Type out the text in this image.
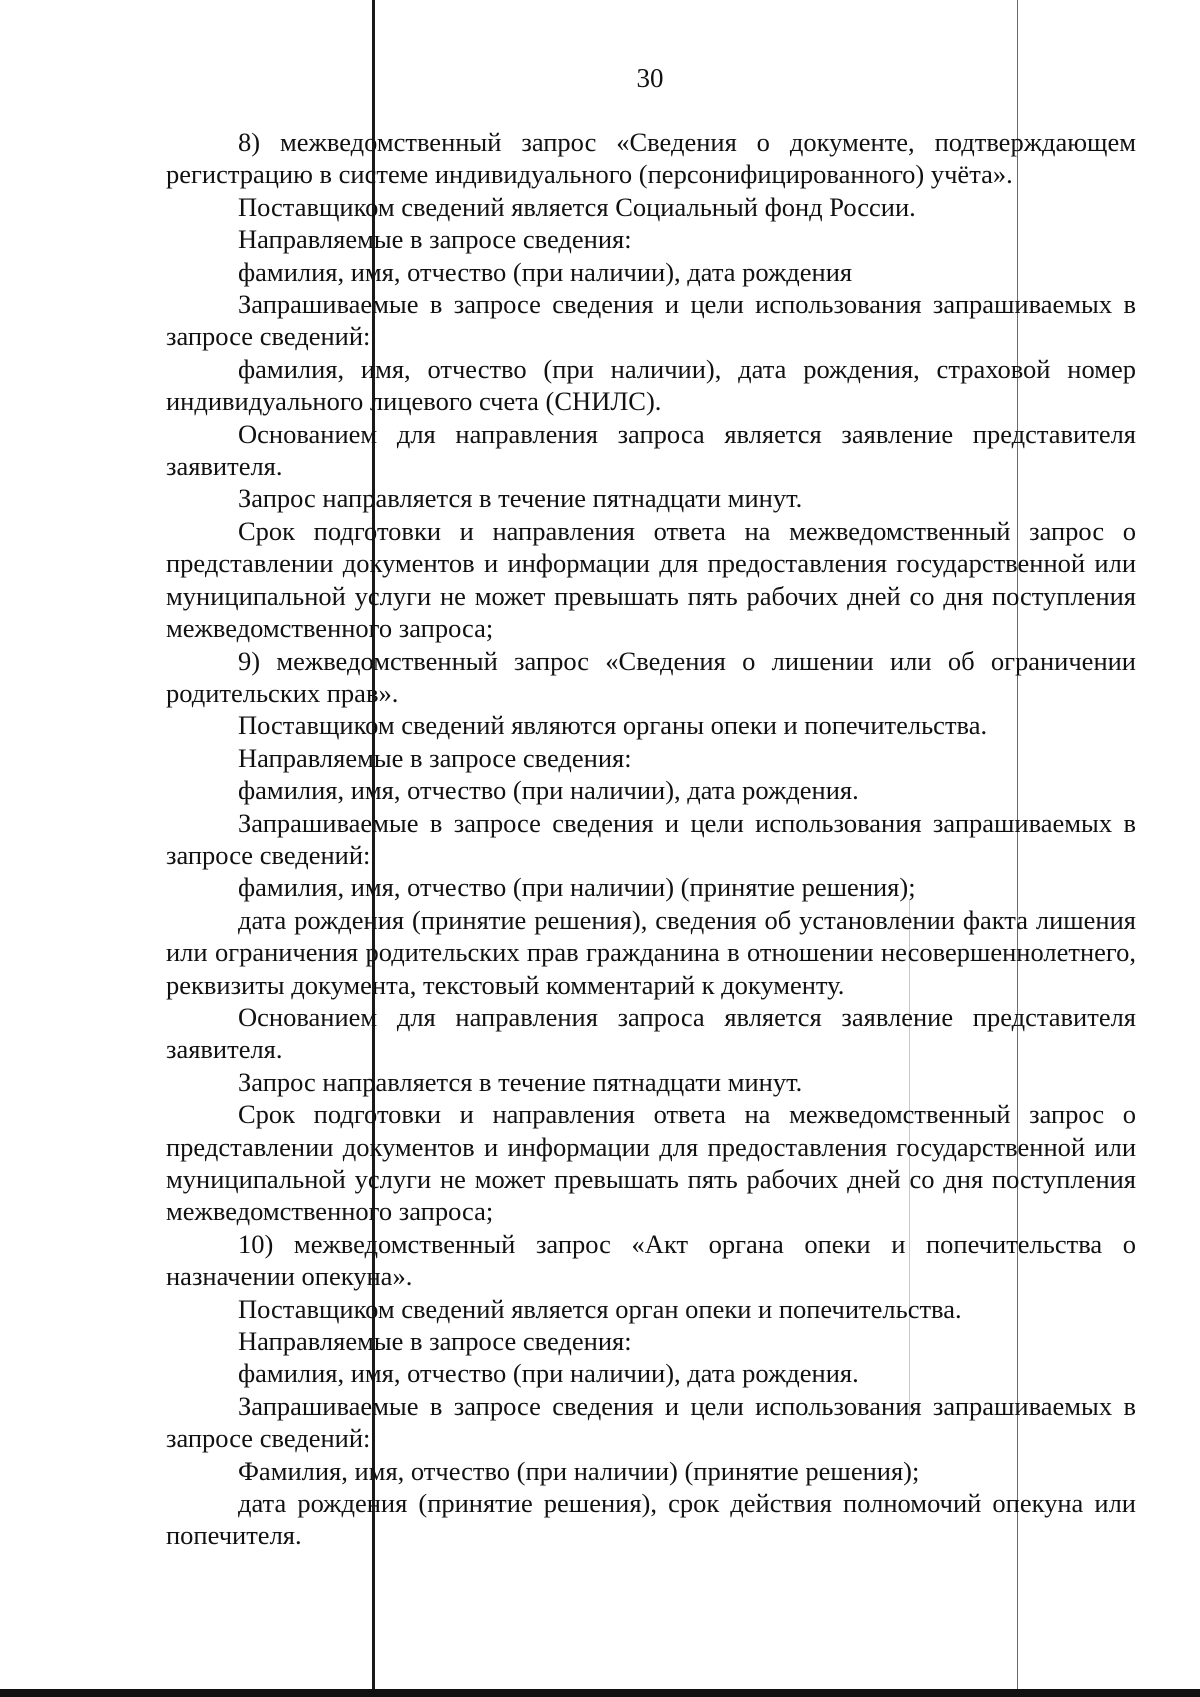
30

8) межведомственный запрос «Сведения о документе, подтверждающем регистрацию в системе индивидуального (персонифицированного) учёта».

Поставщиком сведений является Социальный фонд России.

Направляемые в запросе сведения:

фамилия, имя, отчество (при наличии), дата рождения

Запрашиваемые в запросе сведения и цели использования запрашиваемых в запросе сведений:

фамилия, имя, отчество (при наличии), дата рождения, страховой номер индивидуального лицевого счета (СНИЛС).

Основанием для направления запроса является заявление представителя заявителя.

Запрос направляется в течение пятнадцати минут.

Срок подготовки и направления ответа на межведомственный запрос о представлении документов и информации для предоставления государственной или муниципальной услуги не может превышать пять рабочих дней со дня поступления межведомственного запроса;

9) межведомственный запрос «Сведения о лишении или об ограничении родительских прав».

Поставщиком сведений являются органы опеки и попечительства.

Направляемые в запросе сведения:

фамилия, имя, отчество (при наличии), дата рождения.

Запрашиваемые в запросе сведения и цели использования запрашиваемых в запросе сведений:

фамилия, имя, отчество (при наличии) (принятие решения);

дата рождения (принятие решения), сведения об установлении факта лишения или ограничения родительских прав гражданина в отношении несовершеннолетнего, реквизиты документа, текстовый комментарий к документу.

Основанием для направления запроса является заявление представителя заявителя.

Запрос направляется в течение пятнадцати минут.

Срок подготовки и направления ответа на межведомственный запрос о представлении документов и информации для предоставления государственной или муниципальной услуги не может превышать пять рабочих дней со дня поступления межведомственного запроса;

10) межведомственный запрос «Акт органа опеки и попечительства о назначении опекуна».

Поставщиком сведений является орган опеки и попечительства.

Направляемые в запросе сведения:

фамилия, имя, отчество (при наличии), дата рождения.

Запрашиваемые в запросе сведения и цели использования запрашиваемых в запросе сведений:

Фамилия, имя, отчество (при наличии) (принятие решения);

дата рождения (принятие решения), срок действия полномочий опекуна или попечителя.
